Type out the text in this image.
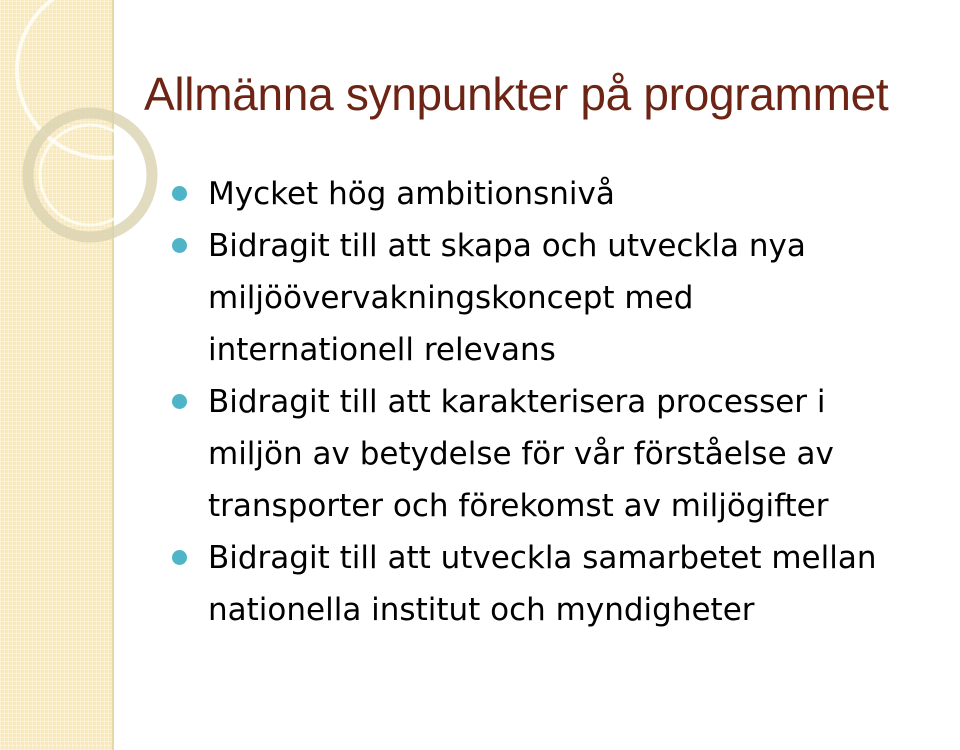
Allmänna synpunkter på programmet
Mycket hög ambitionsnivå
Bidragit till att skapa och utveckla nya
miljöövervakningskoncept med
internationell relevans
Bidragit till att karakterisera processer i
miljön av betydelse för vår förståelse av
transporter och förekomst av miljögifter
Bidragit till att utveckla samarbetet mellan
nationella institut och myndigheter
